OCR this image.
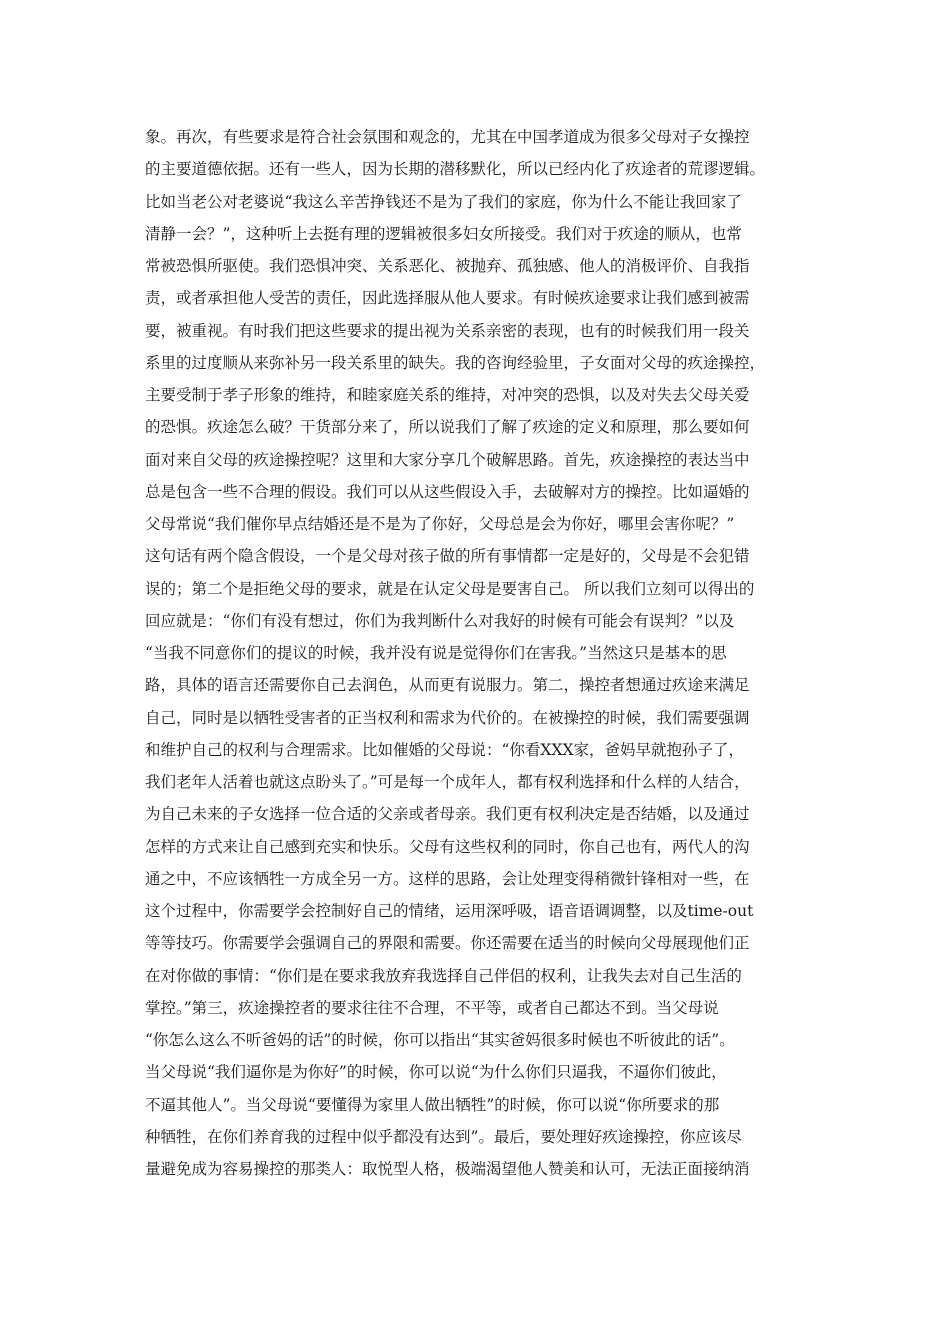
象。再次，有些要求是符合社会氛围和观念的，尤其在中国孝道成为很多父母对子女操控
的主要道德依据。还有一些人，因为长期的潜移默化，所以已经内化了疚途者的荒谬逻辑。
比如当老公对老婆说“我这么辛苦挣钱还不是为了我们的家庭，你为什么不能让我回家了
清静一会？”，这种听上去挺有理的逻辑被很多妇女所接受。我们对于疚途的顺从，也常
常被恐惧所驱使。我们恐惧冲突、关系恶化、被抛弃、孤独感、他人的消极评价、自我指
责，或者承担他人受苦的责任，因此选择服从他人要求。有时候疚途要求让我们感到被需
要，被重视。有时我们把这些要求的提出视为关系亲密的表现，也有的时候我们用一段关
系里的过度顺从来弥补另一段关系里的缺失。我的咨询经验里，子女面对父母的疚途操控，
主要受制于孝子形象的维持，和睦家庭关系的维持，对冲突的恐惧，以及对失去父母关爱
的恐惧。疚途怎么破？干货部分来了，所以说我们了解了疚途的定义和原理，那么要如何
面对来自父母的疚途操控呢？这里和大家分享几个破解思路。首先，疚途操控的表达当中
总是包含一些不合理的假设。我们可以从这些假设入手，去破解对方的操控。比如逼婚的
父母常说“我们催你早点结婚还是不是为了你好，父母总是会为你好，哪里会害你呢？”
这句话有两个隐含假设，一个是父母对孩子做的所有事情都一定是好的，父母是不会犯错
误的；第二个是拒绝父母的要求，就是在认定父母是要害自己。 所以我们立刻可以得出的
回应就是：“你们有没有想过，你们为我判断什么对我好的时候有可能会有误判？”以及
“当我不同意你们的提议的时候，我并没有说是觉得你们在害我。”当然这只是基本的思
路，具体的语言还需要你自己去润色，从而更有说服力。第二，操控者想通过疚途来满足
自己，同时是以牺牲受害者的正当权利和需求为代价的。在被操控的时候，我们需要强调
和维护自己的权利与合理需求。比如催婚的父母说：“你看XXX家，爸妈早就抱孙子了，
我们老年人活着也就这点盼头了。”可是每一个成年人，都有权利选择和什么样的人结合，
为自己未来的子女选择一位合适的父亲或者母亲。我们更有权利决定是否结婚，以及通过
怎样的方式来让自己感到充实和快乐。父母有这些权利的同时，你自己也有，两代人的沟
通之中，不应该牺牲一方成全另一方。这样的思路，会让处理变得稍微针锋相对一些，在
这个过程中，你需要学会控制好自己的情绪，运用深呼吸，语音语调调整，以及time-out
等等技巧。你需要学会强调自己的界限和需要。你还需要在适当的时候向父母展现他们正
在对你做的事情：“你们是在要求我放弃我选择自己伴侣的权利，让我失去对自己生活的
掌控。”第三，疚途操控者的要求往往不合理，不平等，或者自己都达不到。当父母说
“你怎么这么不听爸妈的话”的时候，你可以指出“其实爸妈很多时候也不听彼此的话”。
当父母说“我们逼你是为你好”的时候，你可以说“为什么你们只逼我，不逼你们彼此，
不逼其他人”。当父母说“要懂得为家里人做出牺牲”的时候，你可以说“你所要求的那
种牺牲，在你们养育我的过程中似乎都没有达到”。最后，要处理好疚途操控，你应该尽
量避免成为容易操控的那类人：取悦型人格，极端渴望他人赞美和认可，无法正面接纳消
